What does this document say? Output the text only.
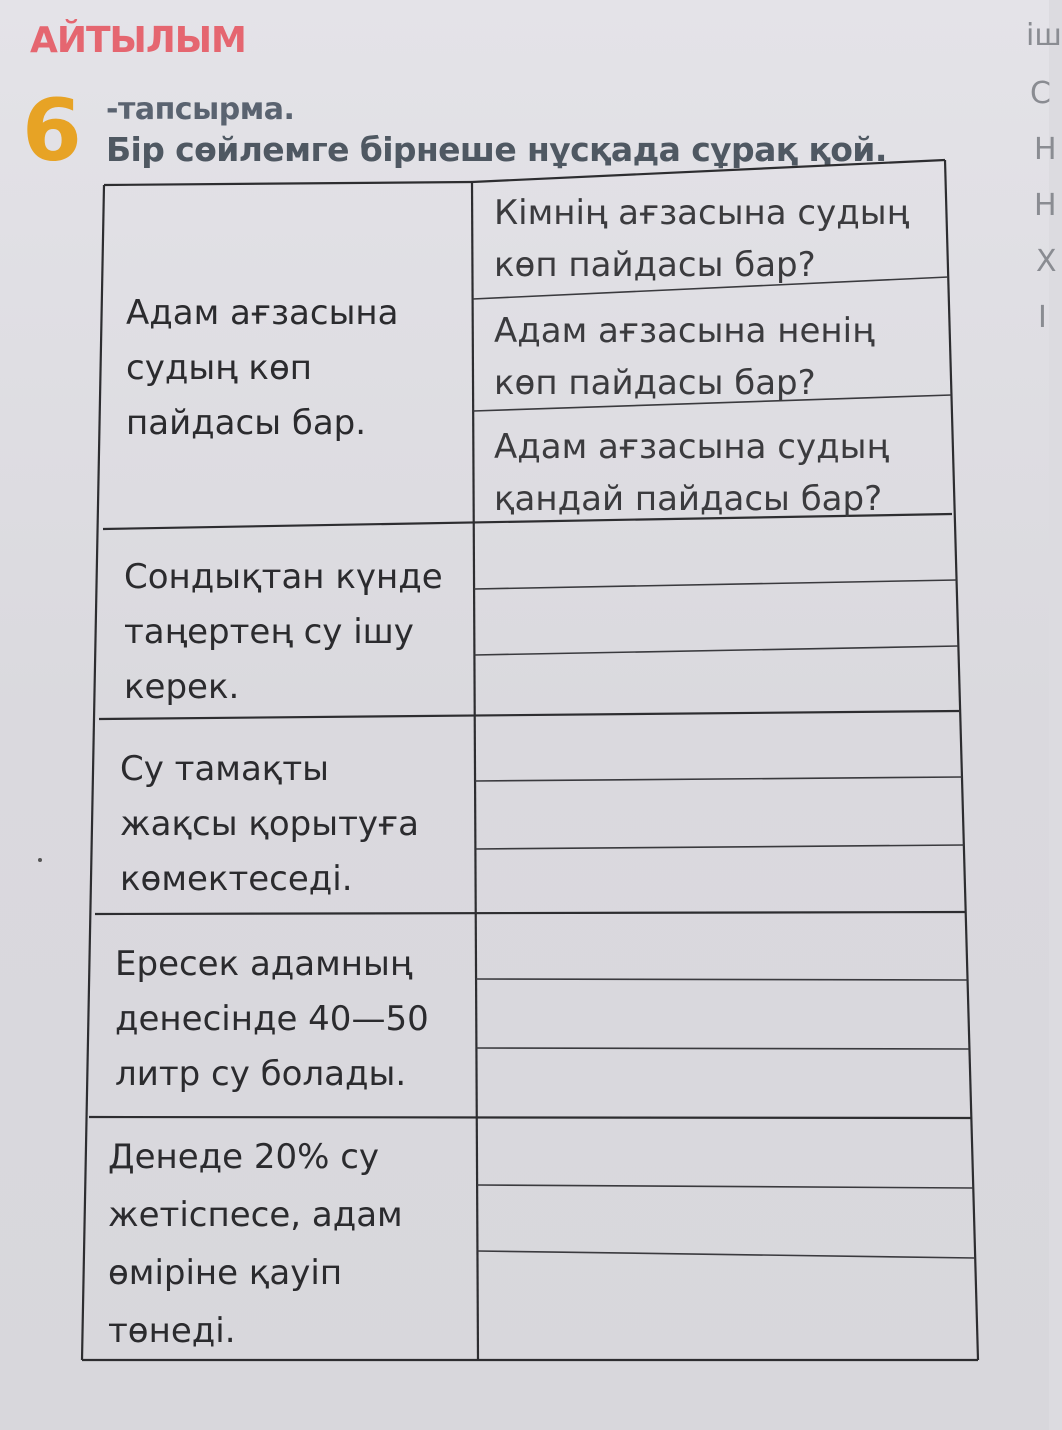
АЙТЫЛЫМ
6 -тапсырма.
Бір сөйлемге бірнеше нұсқада сұрақ қой.
іш
С
Н
Н
Х
І
Адам ағзасына
судың көп
пайдасы бар.
Кімнің ағзасына судың
көп пайдасы бар?
Адам ағзасына ненің
көп пайдасы бар?
Адам ағзасына судың
қандай пайдасы бар?
Сондықтан күнде
таңертең су ішу
керек.
Су тамақты
жақсы қорытуға
көмектеседі.
Ересек адамның
денесінде 40—50
литр су болады.
Денеде 20% су
жетіспесе, адам
өміріне қауіп
төнеді.
